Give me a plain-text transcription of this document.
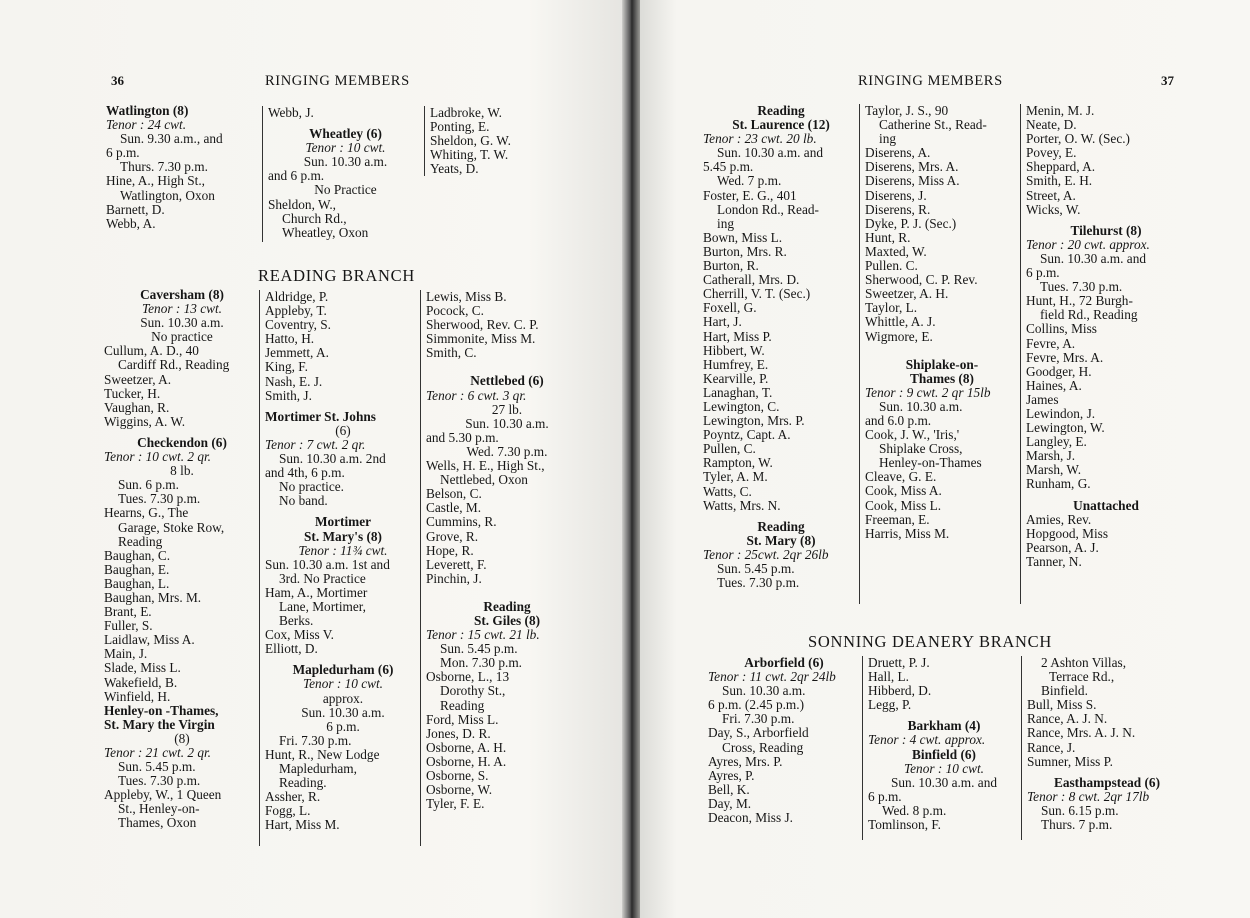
36	RINGING MEMBERS
Watlington (8)
Tenor : 24 cwt.
Sun. 9.30 a.m., and
6 p.m.
Thurs. 7.30 p.m.
Hine, A., High St.,
Watlington, Oxon
Barnett, D.
Webb, A.
Webb, J.
Wheatley (6)
Tenor : 10 cwt.
Sun. 10.30 a.m.
and 6 p.m.
No Practice
Sheldon, W.,
Church Rd.,
Wheatley, Oxon
Ladbroke, W.
Ponting, E.
Sheldon, G. W.
Whiting, T. W.
Yeats, D.
READING BRANCH
Caversham (8)
Tenor : 13 cwt.
Sun. 10.30 a.m.
No practice
Cullum, A. D., 40
Cardiff Rd., Reading
Sweetzer, A.
Tucker, H.
Vaughan, R.
Wiggins, A. W.
Checkendon (6)
Tenor : 10 cwt. 2 qr.
8 lb.
Sun. 6 p.m.
Tues. 7.30 p.m.
Hearns, G., The
Garage, Stoke Row,
Reading
Baughan, C.
Baughan, E.
Baughan, L.
Baughan, Mrs. M.
Brant, E.
Fuller, S.
Laidlaw, Miss A.
Main, J.
Slade, Miss L.
Wakefield, B.
Winfield, H.
Henley-on -Thames,
St. Mary the Virgin
(8)
Tenor : 21 cwt. 2 qr.
Sun. 5.45 p.m.
Tues. 7.30 p.m.
Appleby, W., 1 Queen
St., Henley-on-
Thames, Oxon
Aldridge, P.
Appleby, T.
Coventry, S.
Hatto, H.
Jemmett, A.
King, F.
Nash, E. J.
Smith, J.
Mortimer St. Johns
(6)
Tenor : 7 cwt. 2 qr.
Sun. 10.30 a.m. 2nd
and 4th, 6 p.m.
No practice.
No band.
Mortimer
St. Mary's (8)
Tenor : 11¾ cwt.
Sun. 10.30 a.m. 1st and
3rd. No Practice
Ham, A., Mortimer
Lane, Mortimer,
Berks.
Cox, Miss V.
Elliott, D.
Mapledurham (6)
Tenor : 10 cwt.
approx.
Sun. 10.30 a.m.
6 p.m.
Fri. 7.30 p.m.
Hunt, R., New Lodge
Mapledurham,
Reading.
Assher, R.
Fogg, L.
Hart, Miss M.
Lewis, Miss B.
Pocock, C.
Sherwood, Rev. C. P.
Simmonite, Miss M.
Smith, C.
Nettlebed (6)
Tenor : 6 cwt. 3 qr.
27 lb.
Sun. 10.30 a.m.
and 5.30 p.m.
Wed. 7.30 p.m.
Wells, H. E., High St.,
Nettlebed, Oxon
Belson, C.
Castle, M.
Cummins, R.
Grove, R.
Hope, R.
Leverett, F.
Pinchin, J.
Reading
St. Giles (8)
Tenor : 15 cwt. 21 lb.
Sun. 5.45 p.m.
Mon. 7.30 p.m.
Osborne, L., 13
Dorothy St.,
Reading
Ford, Miss L.
Jones, D. R.
Osborne, A. H.
Osborne, H. A.
Osborne, S.
Osborne, W.
Tyler, F. E.
RINGING MEMBERS	37
Reading
St. Laurence (12)
Tenor : 23 cwt. 20 lb.
Sun. 10.30 a.m. and
5.45 p.m.
Wed. 7 p.m.
Foster, E. G., 401
London Rd., Read-
ing
Bown, Miss L.
Burton, Mrs. R.
Burton, R.
Catherall, Mrs. D.
Cherrill, V. T. (Sec.)
Foxell, G.
Hart, J.
Hart, Miss P.
Hibbert, W.
Humfrey, E.
Kearville, P.
Lanaghan, T.
Lewington, C.
Lewington, Mrs. P.
Poyntz, Capt. A.
Pullen, C.
Rampton, W.
Tyler, A. M.
Watts, C.
Watts, Mrs. N.
Reading
St. Mary (8)
Tenor : 25cwt. 2qr 26lb
Sun. 5.45 p.m.
Tues. 7.30 p.m.
Taylor, J. S., 90
Catherine St., Read-
ing
Diserens, A.
Diserens, Mrs. A.
Diserens, Miss A.
Diserens, J.
Diserens, R.
Dyke, P. J. (Sec.)
Hunt, R.
Maxted, W.
Pullen. C.
Sherwood, C. P. Rev.
Sweetzer, A. H.
Taylor, L.
Whittle, A. J.
Wigmore, E.
Shiplake-on-
Thames (8)
Tenor : 9 cwt. 2 qr 15lb
Sun. 10.30 a.m.
and 6.0 p.m.
Cook, J. W., 'Iris,'
Shiplake Cross,
Henley-on-Thames
Cleave, G. E.
Cook, Miss A.
Cook, Miss L.
Freeman, E.
Harris, Miss M.
Menin, M. J.
Neate, D.
Porter, O. W. (Sec.)
Povey, E.
Sheppard, A.
Smith, E. H.
Street, A.
Wicks, W.
Tilehurst (8)
Tenor : 20 cwt. approx.
Sun. 10.30 a.m. and
6 p.m.
Tues. 7.30 p.m.
Hunt, H., 72 Burgh-
field Rd., Reading
Collins, Miss
Fevre, A.
Fevre, Mrs. A.
Goodger, H.
Haines, A.
James
Lewindon, J.
Lewington, W.
Langley, E.
Marsh, J.
Marsh, W.
Runham, G.
Unattached
Amies, Rev.
Hopgood, Miss
Pearson, A. J.
Tanner, N.
SONNING DEANERY BRANCH
Arborfield (6)
Tenor : 11 cwt. 2qr 24lb
Sun. 10.30 a.m.
6 p.m. (2.45 p.m.)
Fri. 7.30 p.m.
Day, S., Arborfield
Cross, Reading
Ayres, Mrs. P.
Ayres, P.
Bell, K.
Day, M.
Deacon, Miss J.
Druett, P. J.
Hall, L.
Hibberd, D.
Legg, P.
Barkham (4)
Tenor : 4 cwt. approx.
Binfield (6)
Tenor : 10 cwt.
Sun. 10.30 a.m. and
6 p.m.
Wed. 8 p.m.
Tomlinson, F.
2 Ashton Villas,
Terrace Rd.,
Binfield.
Bull, Miss S.
Rance, A. J. N.
Rance, Mrs. A. J. N.
Rance, J.
Sumner, Miss P.
Easthampstead (6)
Tenor : 8 cwt. 2qr 17lb
Sun. 6.15 p.m.
Thurs. 7 p.m.
